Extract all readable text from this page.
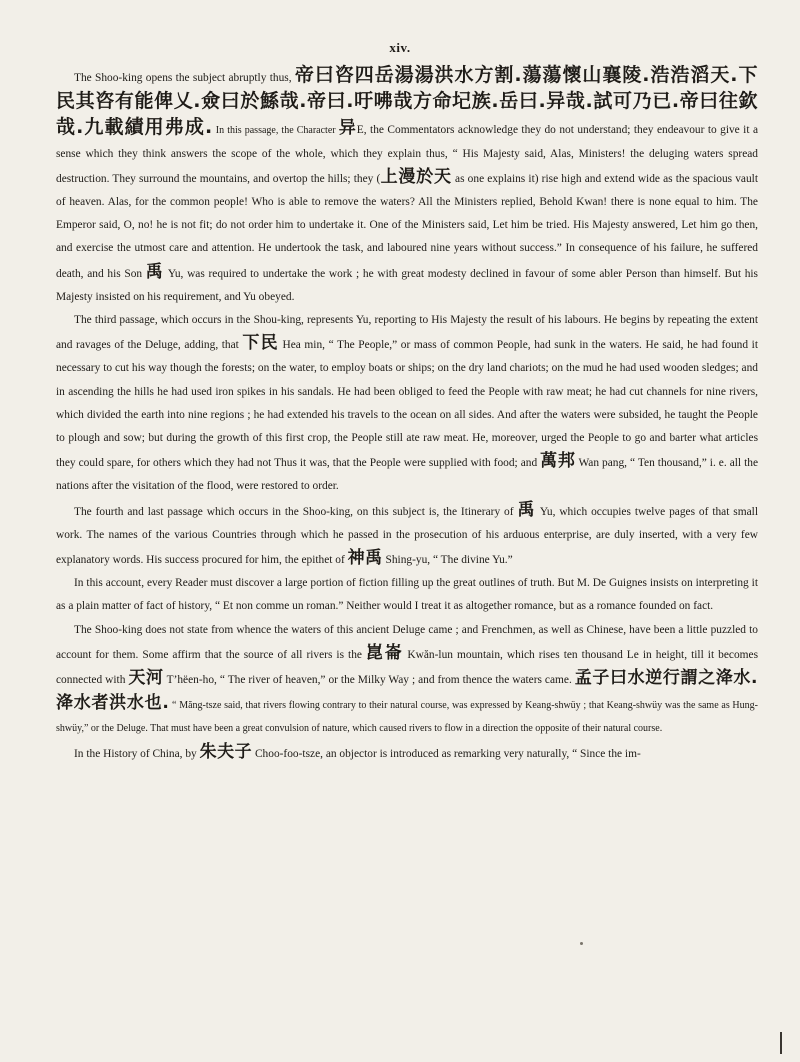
xiv.

The Shoo-king opens the subject abruptly thus, 帝曰咨四岳湯湯洪水方割.蕩蕩懷山襄陵.浩浩滔天.下民其咨有能俾乂.僉曰於鯀哉.帝曰.吁咈哉方命圮族.岳曰.异哉.試可乃已.帝曰往欽哉.九載績用弗成. In this passage, the Character 异E, the Commentators acknowledge they do not understand; they endeavour to give it a sense which they think answers the scope of the whole, which they explain thus, “ His Majesty said, Alas, Ministers! the deluging waters spread destruction. They surround the mountains, and overtop the hills; they (上漫於天 as one explains it) rise high and extend wide as the spacious vault of heaven. Alas, for the common people! Who is able to remove the waters? All the Ministers replied, Behold Kwan! there is none equal to him. The Emperor said, O, no! he is not fit; do not order him to undertake it. One of the Ministers said, Let him be tried. His Majesty answered, Let him go then, and exercise the utmost care and attention. He undertook the task, and laboured nine years without success.” In consequence of his failure, he suffered death, and his Son 禹 Yu, was required to undertake the work ; he with great modesty declined in favour of some abler Person than himself. But his Majesty insisted on his requirement, and Yu obeyed.

The third passage, which occurs in the Shou-king, represents Yu, reporting to His Majesty the result of his labours. He begins by repeating the extent and ravages of the Deluge, adding, that 下民 Hea min, “ The People,” or mass of common People, had sunk in the waters. He said, he had found it necessary to cut his way though the forests; on the water, to employ boats or ships; on the dry land chariots; on the mud he had used wooden sledges; and in ascending the hills he had used iron spikes in his sandals. He had been obliged to feed the People with raw meat; he had cut channels for nine rivers, which divided the earth into nine regions ; he had extended his travels to the ocean on all sides. And after the waters were subsided, he taught the People to plough and sow; but during the growth of this first crop, the People still ate raw meat. He, moreover, urged the People to go and barter what articles they could spare, for others which they had not Thus it was, that the People were supplied with food; and 萬邦 Wan pang, “ Ten thousand,” i. e. all the nations after the visitation of the flood, were restored to order.

The fourth and last passage which occurs in the Shoo-king, on this subject is, the Itinerary of 禹 Yu, which occupies twelve pages of that small work. The names of the various Countries through which he passed in the prosecution of his arduous enterprise, are duly inserted, with a very few explanatory words. His success procured for him, the epithet of 神禹 Shing-yu, “ The divine Yu.”

In this account, every Reader must discover a large portion of fiction filling up the great outlines of truth. But M. De Guignes insists on interpreting it as a plain matter of fact of history, “ Et non comme un roman.” Neither would I treat it as altogether romance, but as a romance founded on fact.

The Shoo-king does not state from whence the waters of this ancient Deluge came ; and Frenchmen, as well as Chinese, have been a little puzzled to account for them. Some affirm that the source of all rivers is the 崑崙 Kwăn-lun mountain, which rises ten thousand Le in height, till it becomes connected with 天河 T’hëen-ho, “ The river of heaven,” or the Milky Way ; and from thence the waters came. 孟子曰水逆行謂之洚水.洚水者洪水也. “ Măng-tsze said, that rivers flowing contrary to their natural course, was expressed by Keang-shwüy ; that Keang-shwüy was the same as Hung-shwüy,” or the Deluge. That must have been a great convulsion of nature, which caused rivers to flow in a direction the opposite of their natural course.

In the History of China, by 朱夫子 Choo-foo-tsze, an objector is introduced as remarking very naturally, “ Since the im-
